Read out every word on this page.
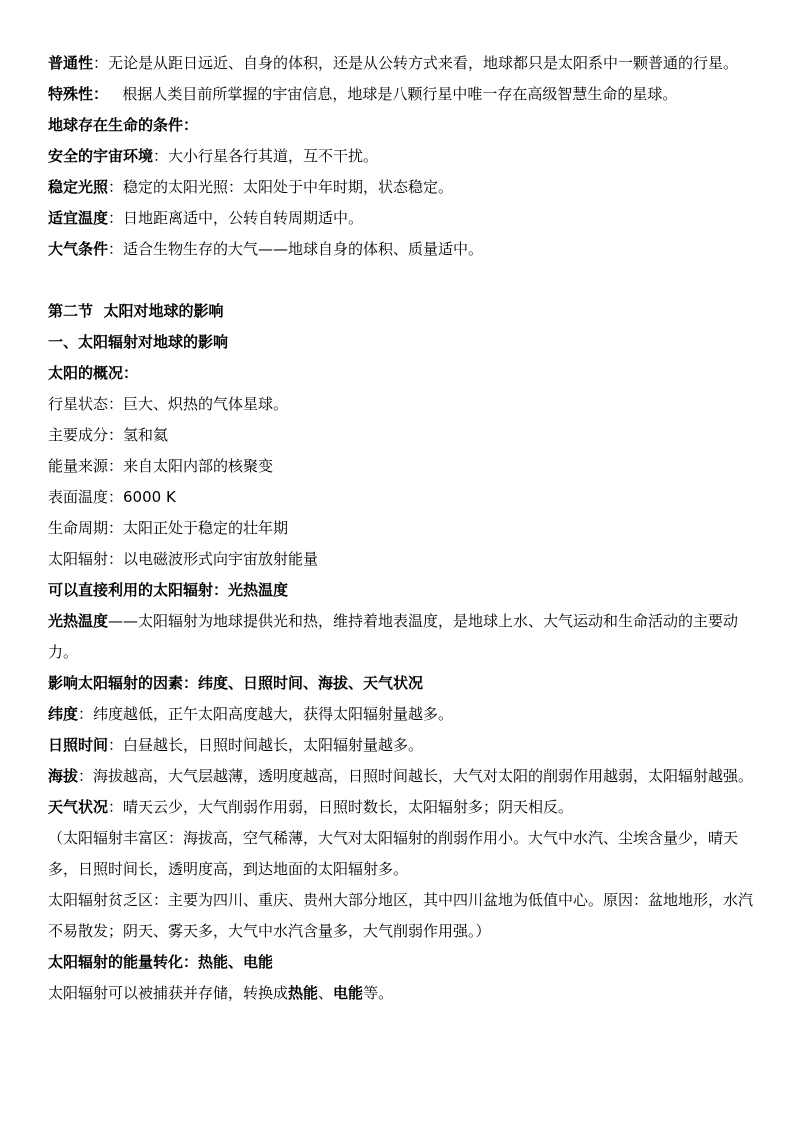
普通性：无论是从距日远近、自身的体积，还是从公转方式来看，地球都只是太阳系中一颗普通的行星。
特殊性：   根据人类目前所掌握的宇宙信息，地球是八颗行星中唯一存在高级智慧生命的星球。
地球存在生命的条件：
安全的宇宙环境：大小行星各行其道，互不干扰。
稳定光照：稳定的太阳光照：太阳处于中年时期，状态稳定。
适宜温度：日地距离适中，公转自转周期适中。
大气条件：适合生物生存的大气——地球自身的体积、质量适中。
第二节  太阳对地球的影响
一、太阳辐射对地球的影响
太阳的概况：
行星状态：巨大、炽热的气体星球。
主要成分：氢和氦
能量来源：来自太阳内部的核聚变
表面温度：6000 K
生命周期：太阳正处于稳定的壮年期
太阳辐射：以电磁波形式向宇宙放射能量
可以直接利用的太阳辐射：光热温度
光热温度——太阳辐射为地球提供光和热，维持着地表温度，是地球上水、大气运动和生命活动的主要动力。
影响太阳辐射的因素：纬度、日照时间、海拔、天气状况
纬度：纬度越低，正午太阳高度越大，获得太阳辐射量越多。
日照时间：白昼越长，日照时间越长，太阳辐射量越多。
海拔：海拔越高，大气层越薄，透明度越高，日照时间越长，大气对太阳的削弱作用越弱，太阳辐射越强。
天气状况：晴天云少，大气削弱作用弱，日照时数长，太阳辐射多；阴天相反。
（太阳辐射丰富区：海拔高，空气稀薄，大气对太阳辐射的削弱作用小。大气中水汽、尘埃含量少，晴天多，日照时间长，透明度高，到达地面的太阳辐射多。
太阳辐射贫乏区：主要为四川、重庆、贵州大部分地区，其中四川盆地为低值中心。原因：盆地地形，水汽不易散发；阴天、雾天多，大气中水汽含量多，大气削弱作用强。）
太阳辐射的能量转化：热能、电能
太阳辐射可以被捕获并存储，转换成热能、电能等。
